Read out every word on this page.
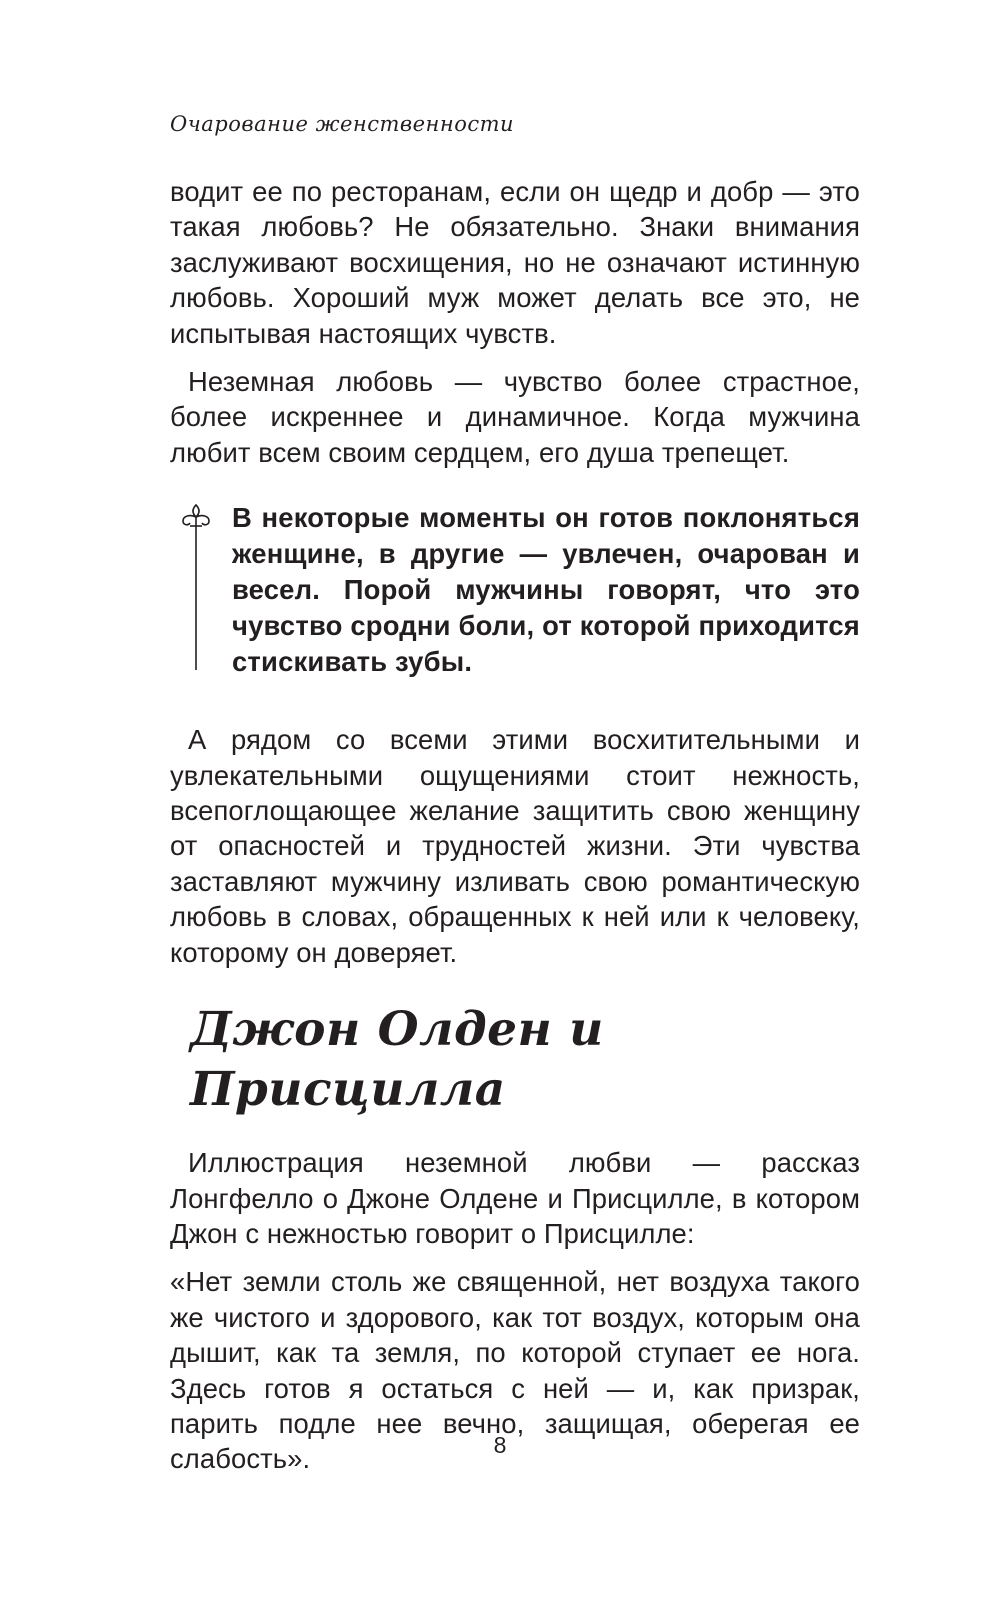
Очарование женственности

водит ее по ресторанам, если он щедр и добр — это такая любовь? Не обязательно. Знаки внимания заслуживают восхищения, но не означают истинную любовь. Хороший муж может делать все это, не испытывая настоящих чувств.

Неземная любовь — чувство более страстное, более искреннее и динамичное. Когда мужчина любит всем своим сердцем, его душа трепещет.

В некоторые моменты он готов поклоняться женщине, в другие — увлечен, очарован и весел. Порой мужчины говорят, что это чувство сродни боли, от которой приходится стискивать зубы.

А рядом со всеми этими восхитительными и увлекательными ощущениями стоит нежность, всепоглощающее желание защитить свою женщину от опасностей и трудностей жизни. Эти чувства заставляют мужчину изливать свою романтическую любовь в словах, обращенных к ней или к человеку, которому он доверяет.

Джон Олден и Присцилла

Иллюстрация неземной любви — рассказ Лонгфелло о Джоне Олдене и Присцилле, в котором Джон с нежностью говорит о Присцилле:

«Нет земли столь же священной, нет воздуха такого же чистого и здорового, как тот воздух, которым она дышит, как та земля, по которой ступает ее нога. Здесь готов я остаться с ней — и, как призрак, парить подле нее вечно, защищая, оберегая ее слабость».	8
